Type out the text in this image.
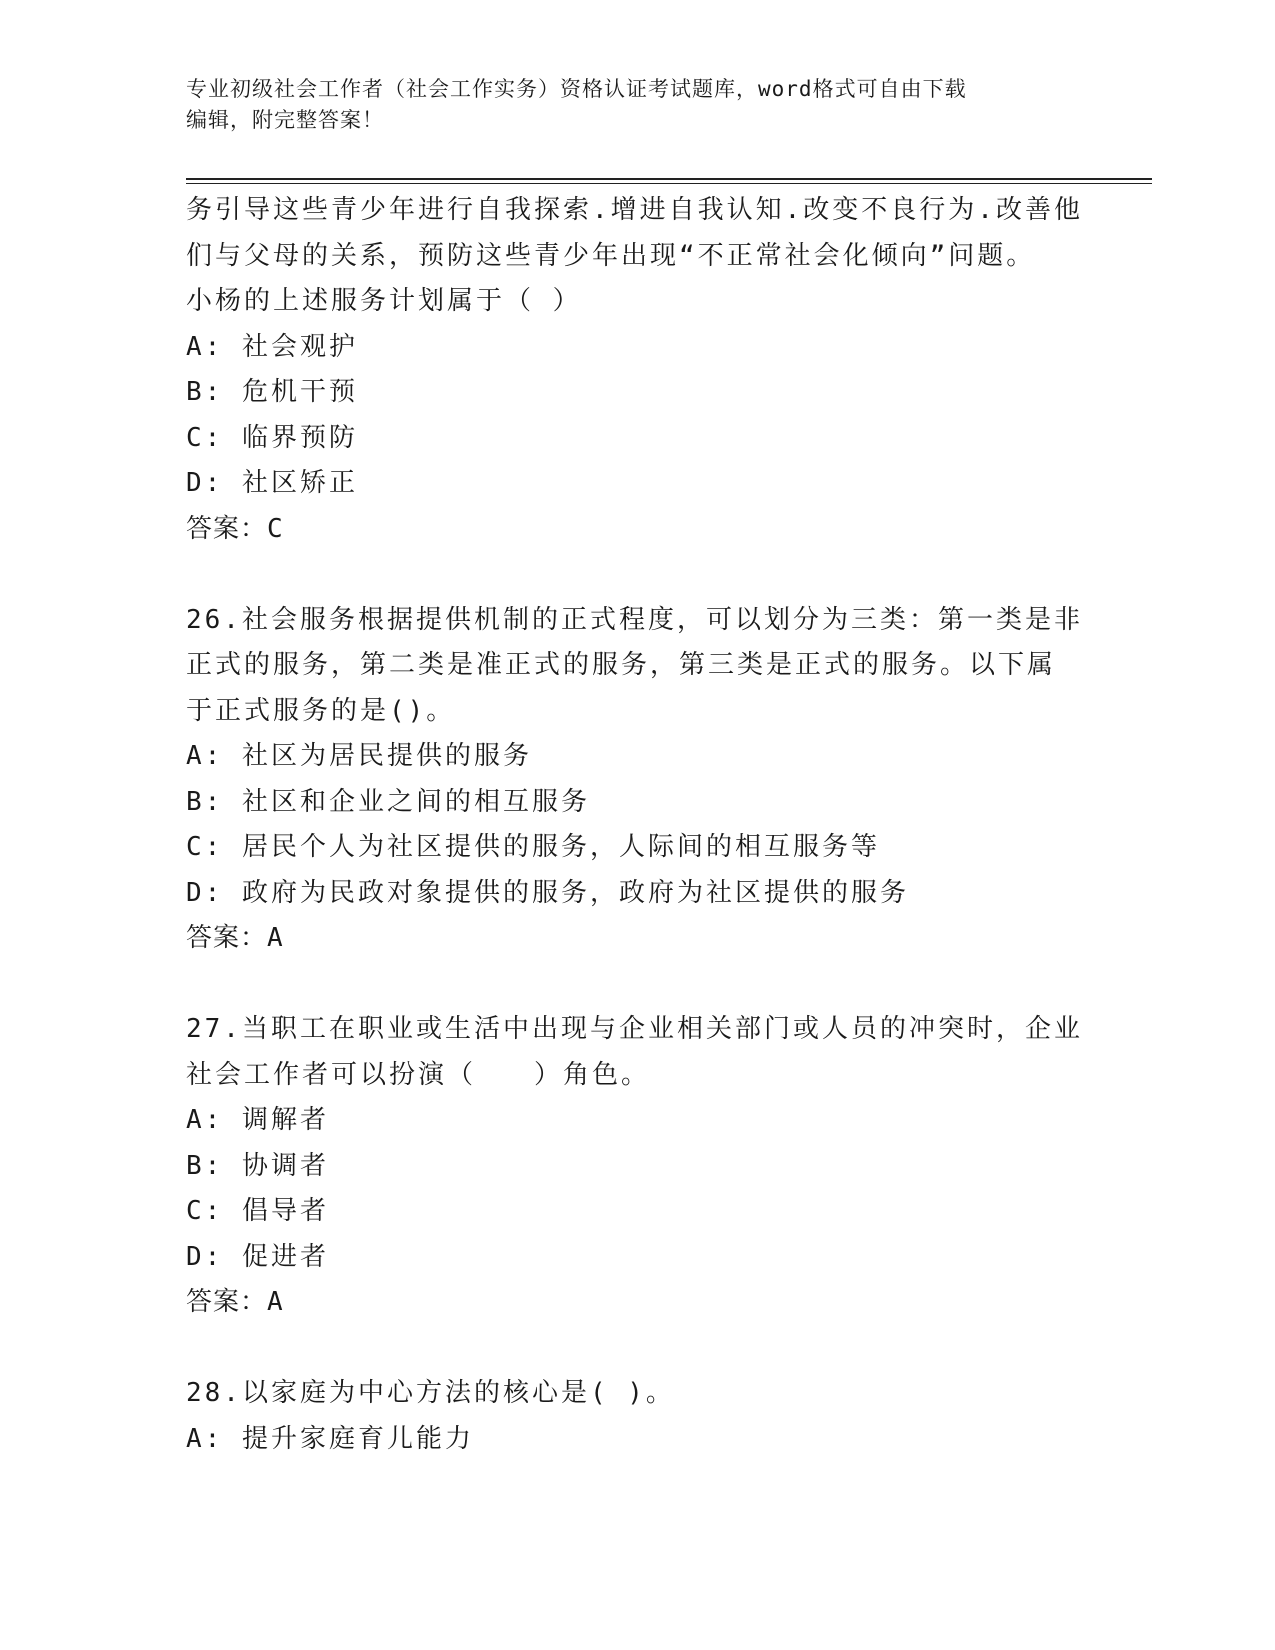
专业初级社会工作者（社会工作实务）资格认证考试题库，word格式可自由下载
编辑，附完整答案！
务引导这些青少年进行自我探索.增进自我认知.改变不良行为.改善他
们与父母的关系，预防这些青少年出现“不正常社会化倾向”问题。
小杨的上述服务计划属于（ ）
A: 社会观护
B: 危机干预
C: 临界预防
D: 社区矫正
答案：C
26.社会服务根据提供机制的正式程度，可以划分为三类：第一类是非
正式的服务，第二类是准正式的服务，第三类是正式的服务。以下属
于正式服务的是()。
A: 社区为居民提供的服务
B: 社区和企业之间的相互服务
C: 居民个人为社区提供的服务，人际间的相互服务等
D: 政府为民政对象提供的服务，政府为社区提供的服务
答案：A
27.当职工在职业或生活中出现与企业相关部门或人员的冲突时，企业
社会工作者可以扮演（　　）角色。
A: 调解者
B: 协调者
C: 倡导者
D: 促进者
答案：A
28.以家庭为中心方法的核心是( )。
A: 提升家庭育儿能力
